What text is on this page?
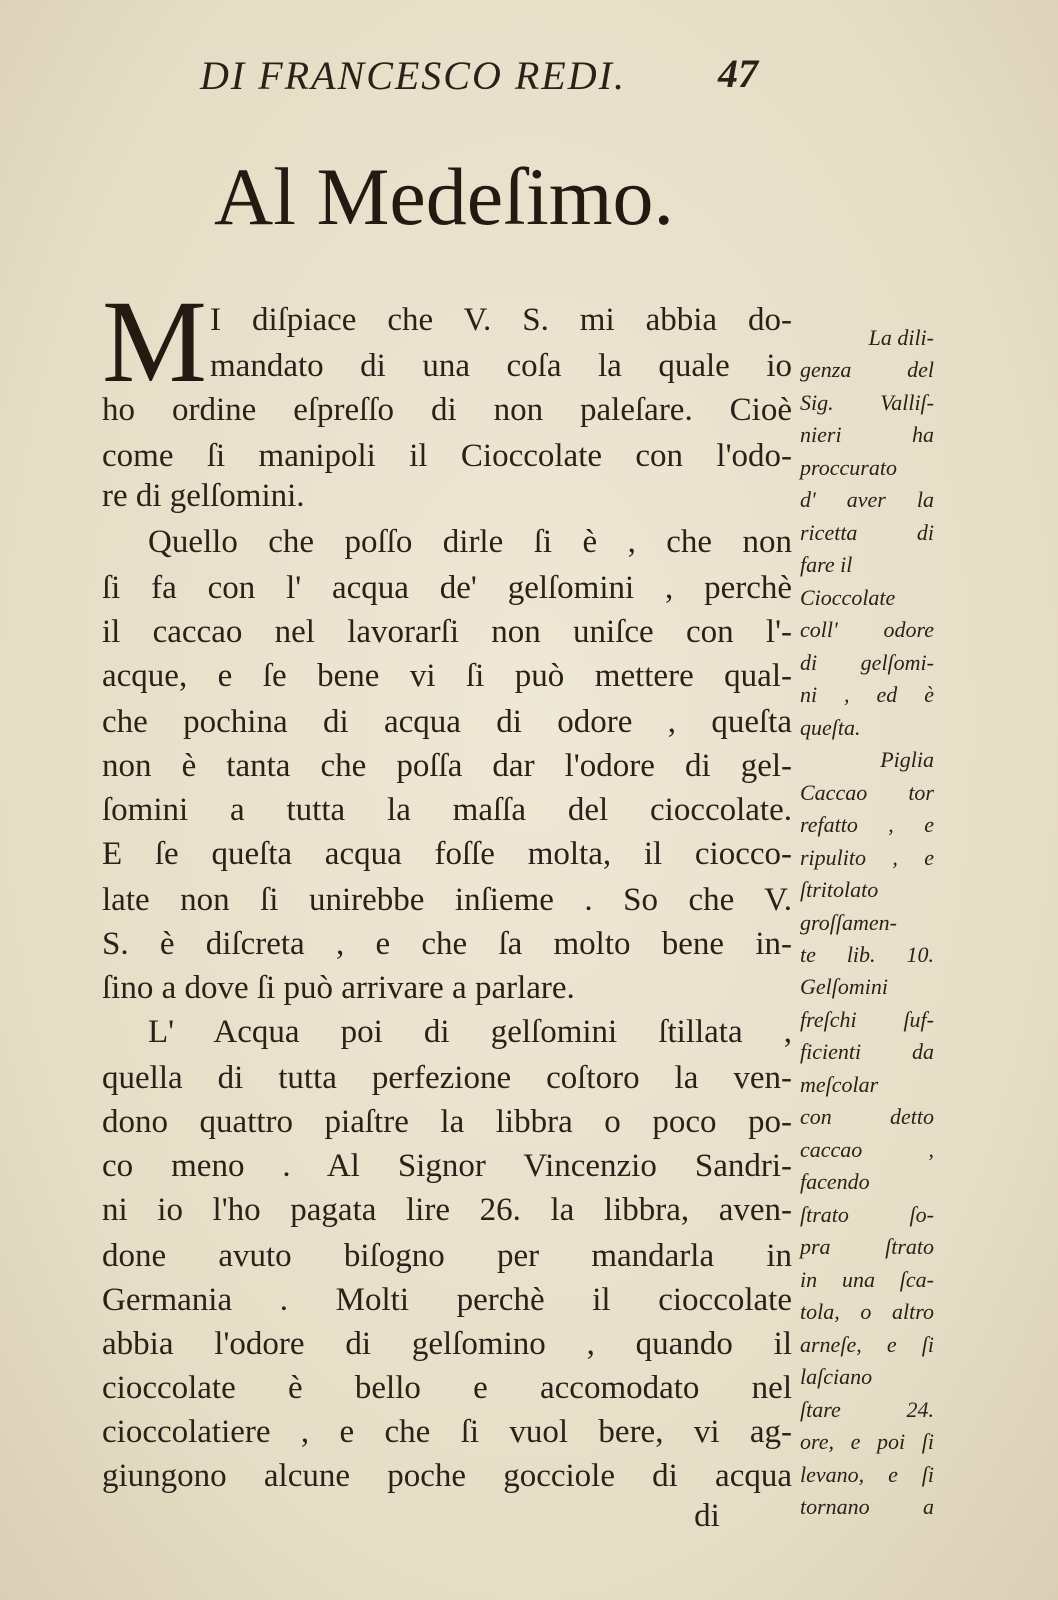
DI FRANCESCO REDI.	47
Al Medeſimo.
M I diſpiace che V. S. mi abbia do-
mandato di una coſa la quale io
ho ordine eſpreſſo di non paleſare. Cioè
come ſi manipoli il Cioccolate con l'odo-
re di gelſomini.
Quello che poſſo dirle ſi è , che non
ſi fa con l' acqua de' gelſomini , perchè
il caccao nel lavorarſi non uniſce con l'-
acque, e ſe bene vi ſi può mettere qual-
che pochina di acqua di odore , queſta
non è tanta che poſſa dar l'odore di gel-
ſomini a tutta la maſſa del cioccolate.
E ſe queſta acqua foſſe molta, il ciocco-
late non ſi unirebbe inſieme . So che V.
S. è diſcreta , e che ſa molto bene in-
ſino a dove ſi può arrivare a parlare.
L' Acqua poi di gelſomini ſtillata ,
quella di tutta perfezione coſtoro la ven-
dono quattro piaſtre la libbra o poco po-
co meno . Al Signor Vincenzio Sandri-
ni io l'ho pagata lire 26. la libbra, aven-
done avuto biſogno per mandarla in
Germania . Molti perchè il cioccolate
abbia l'odore di gelſomino , quando il
cioccolate è bello e accomodato nel
cioccolatiere , e che ſi vuol bere, vi ag-
giungono alcune poche gocciole di acqua
di
La dili-
genza del
Sig. Valliſ-
nieri ha
proccurato
d' aver la
ricetta di
fare il
Cioccolate
coll' odore
di gelſomi-
ni , ed è
queſta.
Piglia
Caccao tor
refatto , e
ripulito , e
ſtritolato
groſſamen-
te lib. 10.
Gelſomini
freſchi ſuf-
ficienti da
meſcolar
con detto
caccao ,
facendo
ſtrato ſo-
pra ſtrato
in una ſca-
tola, o altro
arneſe, e ſi
laſciano
ſtare 24.
ore, e poi ſi
levano, e ſi
tornano a
